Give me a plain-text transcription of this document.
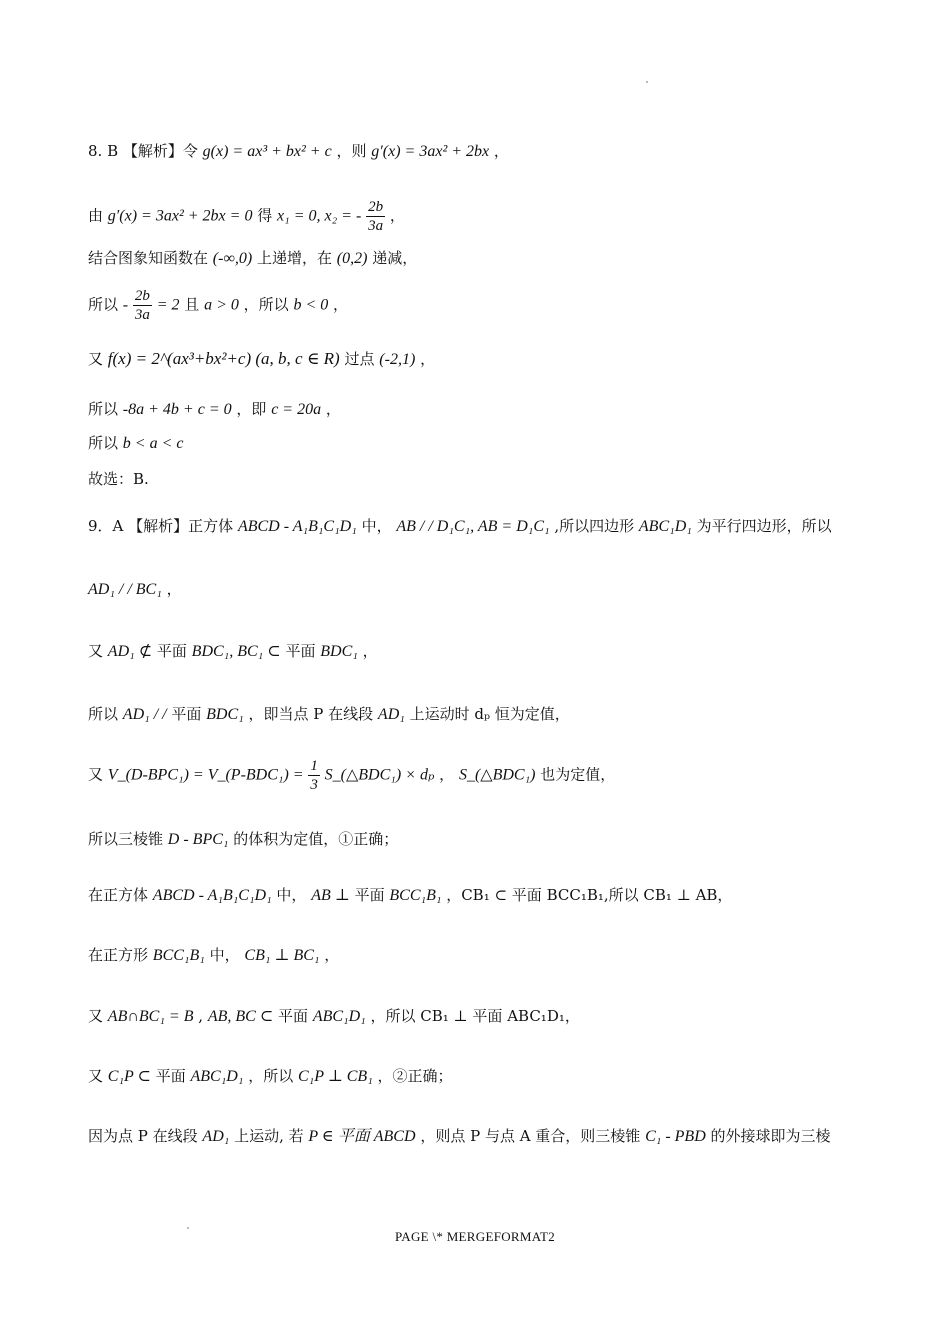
8. B 【解析】令 g(x) = ax³ + bx² + c ，则 g′(x) = 3ax² + 2bx ，
由 g′(x) = 3ax² + 2bx = 0 得 x₁ = 0, x₂ = - $\frac{2b}{3a}$ ，
结合图象知函数在 (-∞,0) 上递增，在 (0,2) 递减，
所以 - $\frac{2b}{3a} = 2$ 且 a > 0 ，所以 b < 0 ，
又 f(x) = 2^(ax³+bx²+c) (a, b, c ∈ R) 过点 (-2,1) ，
所以 -8a + 4b + c = 0 ，即 c = 20a ，
所以 b < a < c
故选：B.
9．A 【解析】正方体 ABCD - A₁B₁C₁D₁ 中， AB / / D₁C₁, AB = D₁C₁ ,所以四边形 ABC₁D₁ 为平行四边形，所以
AD₁ / / BC₁ ，
又 AD₁ ⊄ 平面 BDC₁, BC₁ ⊂ 平面 BDC₁ ，
所以 AD₁ / / 平面 BDC₁ ，即当点 P 在线段 AD₁ 上运动时 dₚ 恒为定值，
又 V_(D-BPC₁) = V_(P-BDC₁) = $\frac{1}{3}$ S_(△BDC₁) × dₚ ， S_(△BDC₁) 也为定值，
所以三棱锥 D - BPC₁ 的体积为定值，①正确；
在正方体 ABCD - A₁B₁C₁D₁ 中， AB ⊥ 平面 BCC₁B₁ ，CB₁ ⊂ 平面 BCC₁B₁,所以 CB₁ ⊥ AB，
在正方形 BCC₁B₁ 中， CB₁ ⊥ BC₁ ，
又 AB∩BC₁ = B , AB, BC ⊂ 平面 ABC₁D₁ ，所以 CB₁ ⊥ 平面 ABC₁D₁，
又 C₁P ⊂ 平面 ABC₁D₁ ，所以 C₁P ⊥ CB₁ ，②正确；
因为点 P 在线段 AD₁ 上运动, 若 P ∈ 平面 ABCD ，则点 P 与点 A 重合，则三棱锥 C₁ - PBD 的外接球即为三棱
PAGE \* MERGEFORMAT2
